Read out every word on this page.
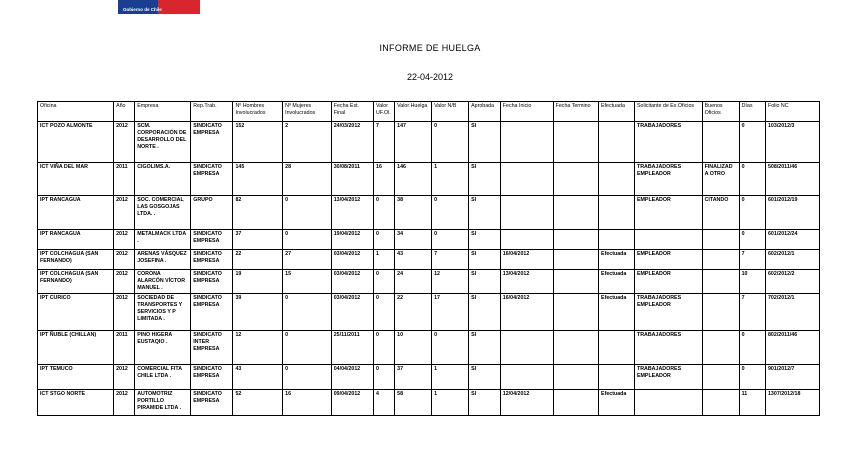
Gobierno de Chile
INFORME DE HUELGA
22-04-2012
Oficina	Año	Empresa	Rep.Trab.	Nº Hombres Involucrados	Nº Mujeres Involucrados	Fecha Est. Final	Valor UF.Ol.	Valor Huelga	Valor N/B	Aprobada	Fecha Inicio	Fecha Termino	Efectuada	Solicitante de Ex.Oficios	Buenos Oficios	Días	Folio NC
ICT POZO ALMONTE	2012	SCM. CORPORACIÓN DE DESARROLLO DEL NORTE .	SINDICATO EMPRESA	152	2	24/03/2012	7	147	0	SI				TRABAJADORES		0	103/2012/3
ICT VIÑA DEL MAR	2011	CIGOLIMS.A.	SINDICATO EMPRESA	145	28	30/08/2011	16	146	1	SI				TRABAJADORES EMPLEADOR	FINALIZAD A OTRO	0	508/2011/46
IPT RANCAGUA	2012	SOC. COMERCIAL LAS GOSGOJAS LTDA. .	GRUPO	82	0	13/04/2012	0	38	0	SI				EMPLEADOR	CITANDO	0	601/2012/19
IPT RANCAGUA	2012	METALMACK LTDA .	SINDICATO EMPRESA	37	0	19/04/2012	0	34	0	SI						0	601/2012/24
IPT COLCHAGUA (SAN FERNANDO)	2012	ARENAS VÁSQUEZ JOSEFINA .	SINDICATO EMPRESA	22	27	03/04/2012	1	43	7	SI	16/04/2012		Efectuada	EMPLEADOR		7	602/2012/1
IPT COLCHAGUA (SAN FERNANDO)	2012	CORONA ALARCÓN VÍCTOR MANUEL .	SINDICATO EMPRESA	19	15	03/04/2012	0	24	12	SI	13/04/2012		Efectuada	EMPLEADOR		10	602/2012/2
IPT CURICO	2012	SOCIEDAD DE TRANSPORTES Y SERVICIOS Y P LIMITADA .	SINDICATO EMPRESA	39	0	03/04/2012	0	22	17	SI	16/04/2012		Efectuada	TRABAJADORES EMPLEADOR		7	702/2012/1
IPT ÑUBLE (CHILLAN)	2011	PINO HIGERA EUSTAQIO .	SINDICATO INTER EMPRESA	12	0	25/11/2011	0	10	0	SI				TRABAJADORES		0	802/2011/46
IPT TEMUCO	2012	COMERCIAL FITA CHILE LTDA .	SINDICATO EMPRESA	43	0	04/04/2012	0	37	1	SI				TRABAJADORES EMPLEADOR		0	901/2012/7
ICT STGO NORTE	2012	AUTOMOTRIZ PORTILLO PIRAMIDE LTDA .	SINDICATO EMPRESA	52	16	09/04/2012	4	58	1	SI	12/04/2012		Efectuada			11	1307/2012/18
